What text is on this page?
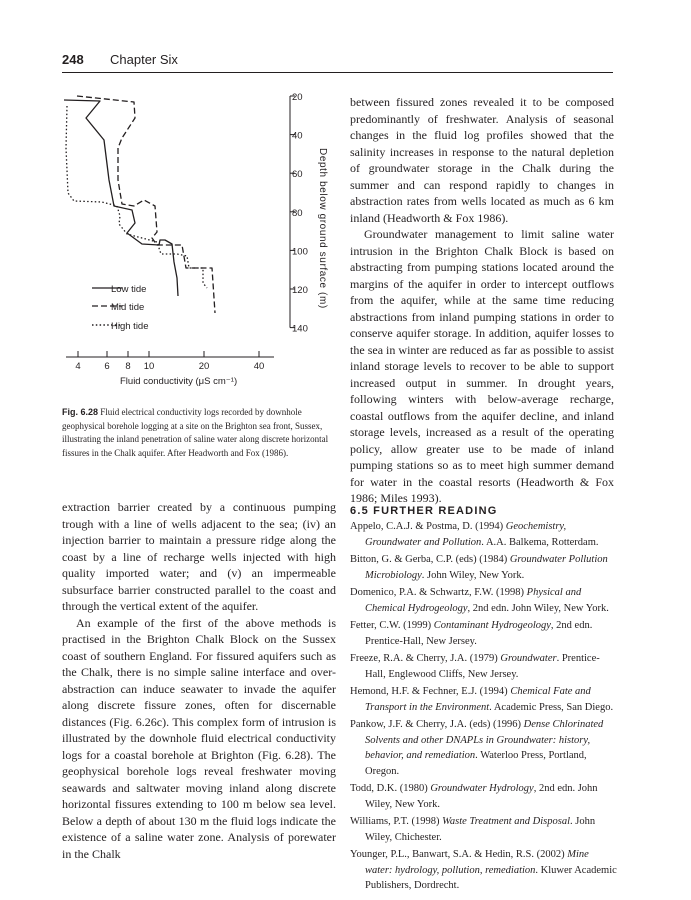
248 Chapter Six
20
40
60
80
100
120
140
Depth below ground surface (m)
4 6 8 10	20	40
Fluid conductivity (μS cm⁻¹)
Low tide
Mid tide
High tide
Fig. 6.28 Fluid electrical conductivity logs recorded by downhole geophysical borehole logging at a site on the Brighton sea front, Sussex, illustrating the inland penetration of saline water along discrete horizontal fissures in the Chalk aquifer. After Headworth and Fox (1986).

between fissured zones revealed it to be composed predominantly of freshwater. Analysis of seasonal changes in the fluid log profiles showed that the salinity increases in response to the natural depletion of groundwater storage in the Chalk during the summer and can respond rapidly to changes in abstraction rates from wells located as much as 6 km inland (Headworth & Fox 1986).

Groundwater management to limit saline water intrusion in the Brighton Chalk Block is based on abstracting from pumping stations located around the margins of the aquifer in order to intercept outflows from the aquifer, while at the same time reducing abstractions from inland pumping stations in order to conserve aquifer storage. In addition, aquifer losses to the sea in winter are reduced as far as possible to assist inland storage levels to recover to be able to support increased output in summer. In drought years, following winters with below-average recharge, coastal outflows from the aquifer decline, and inland storage levels, increased as a result of the operating policy, allow greater use to be made of inland pumping stations so as to meet high summer demand for water in the coastal resorts (Headworth & Fox 1986; Miles 1993).

extraction barrier created by a continuous pumping trough with a line of wells adjacent to the sea; (iv) an injection barrier to maintain a pressure ridge along the coast by a line of recharge wells injected with high quality imported water; and (v) an impermeable subsurface barrier constructed parallel to the coast and through the vertical extent of the aquifer.

An example of the first of the above methods is practised in the Brighton Chalk Block on the Sussex coast of southern England. For fissured aquifers such as the Chalk, there is no simple saline interface and over-abstraction can induce seawater to invade the aquifer along discrete fissure zones, often for discernable distances (Fig. 6.26c). This complex form of intrusion is illustrated by the downhole fluid electrical conductivity logs for a coastal borehole at Brighton (Fig. 6.28). The geophysical borehole logs reveal freshwater moving seawards and saltwater moving inland along discrete horizontal fissures extending to 100 m below sea level. Below a depth of about 130 m the fluid logs indicate the existence of a saline water zone. Analysis of porewater in the Chalk

6.5 FURTHER READING

Appelo, C.A.J. & Postma, D. (1994) Geochemistry, Groundwater and Pollution. A.A. Balkema, Rotterdam.

Bitton, G. & Gerba, C.P. (eds) (1984) Groundwater Pollution Microbiology. John Wiley, New York.

Domenico, P.A. & Schwartz, F.W. (1998) Physical and Chemical Hydrogeology, 2nd edn. John Wiley, New York.

Fetter, C.W. (1999) Contaminant Hydrogeology, 2nd edn. Prentice-Hall, New Jersey.

Freeze, R.A. & Cherry, J.A. (1979) Groundwater. Prentice-Hall, Englewood Cliffs, New Jersey.

Hemond, H.F. & Fechner, E.J. (1994) Chemical Fate and Transport in the Environment. Academic Press, San Diego.

Pankow, J.F. & Cherry, J.A. (eds) (1996) Dense Chlorinated Solvents and other DNAPLs in Groundwater: history, behavior, and remediation. Waterloo Press, Portland, Oregon.

Todd, D.K. (1980) Groundwater Hydrology, 2nd edn. John Wiley, New York.

Williams, P.T. (1998) Waste Treatment and Disposal. John Wiley, Chichester.

Younger, P.L., Banwart, S.A. & Hedin, R.S. (2002) Mine water: hydrology, pollution, remediation. Kluwer Academic Publishers, Dordrecht.
